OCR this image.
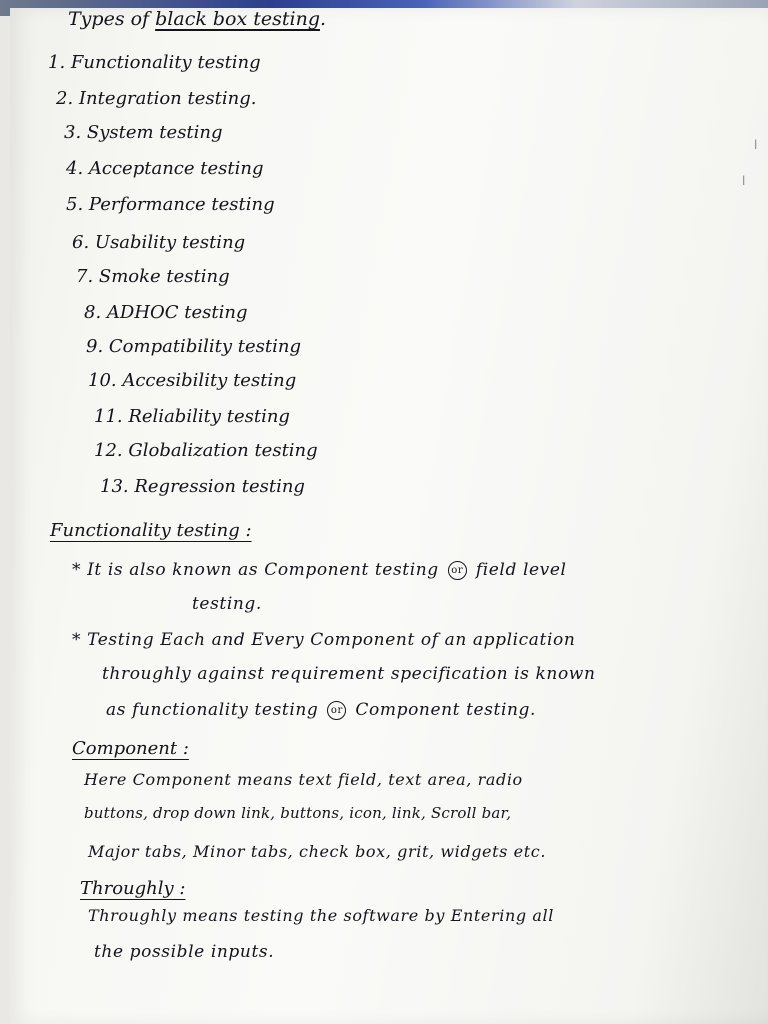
Types of black box testing.
1. Functionality testing
2. Integration testing.
3. System testing
4. Acceptance testing
5. Performance testing
6. Usability testing
7. Smoke testing
8. ADHOC testing
9. Compatibility testing
10. Accesibility testing
11. Reliability testing
12. Globalization testing
13. Regression testing
Functionality testing :
* It is also known as Component testing or field level
testing.
* Testing Each and Every Component of an application
throughly against requirement specification is known
as functionality testing or Component testing.
Component :
Here Component means text field, text area, radio
buttons, drop down link, buttons, icon, link, Scroll bar,
Major tabs, Minor tabs, check box, grit, widgets etc.
Throughly :
Throughly means testing the software by Entering all
the possible inputs.
l
l
